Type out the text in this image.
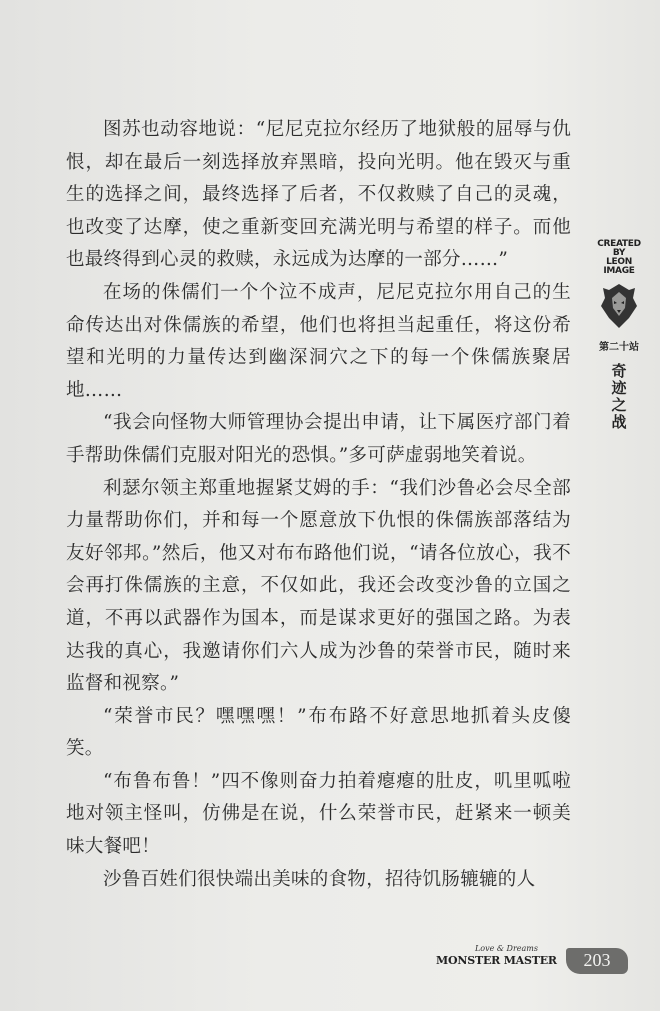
图苏也动容地说：“尼尼克拉尔经历了地狱般的屈辱与仇恨，却在最后一刻选择放弃黑暗，投向光明。他在毁灭与重生的选择之间，最终选择了后者，不仅救赎了自己的灵魂，也改变了达摩，使之重新变回充满光明与希望的样子。而他也最终得到心灵的救赎，永远成为达摩的一部分……”

在场的侏儒们一个个泣不成声，尼尼克拉尔用自己的生命传达出对侏儒族的希望，他们也将担当起重任，将这份希望和光明的力量传达到幽深洞穴之下的每一个侏儒族聚居地……

“我会向怪物大师管理协会提出申请，让下属医疗部门着手帮助侏儒们克服对阳光的恐惧。”多可萨虚弱地笑着说。

利瑟尔领主郑重地握紧艾姆的手：“我们沙鲁必会尽全部力量帮助你们，并和每一个愿意放下仇恨的侏儒族部落结为友好邻邦。”然后，他又对布布路他们说，“请各位放心，我不会再打侏儒族的主意，不仅如此，我还会改变沙鲁的立国之道，不再以武器作为国本，而是谋求更好的强国之路。为表达我的真心，我邀请你们六人成为沙鲁的荣誉市民，随时来监督和视察。”

“荣誉市民？嘿嘿嘿！”布布路不好意思地抓着头皮傻笑。

“布鲁布鲁！”四不像则奋力拍着瘪瘪的肚皮，叽里呱啦地对领主怪叫，仿佛是在说，什么荣誉市民，赶紧来一顿美味大餐吧！

沙鲁百姓们很快端出美味的食物，招待饥肠辘辘的人

CREATED
BY
LEON
IMAGE
第二十站
奇迹之战
Love & Dreams
MONSTER MASTER	203
